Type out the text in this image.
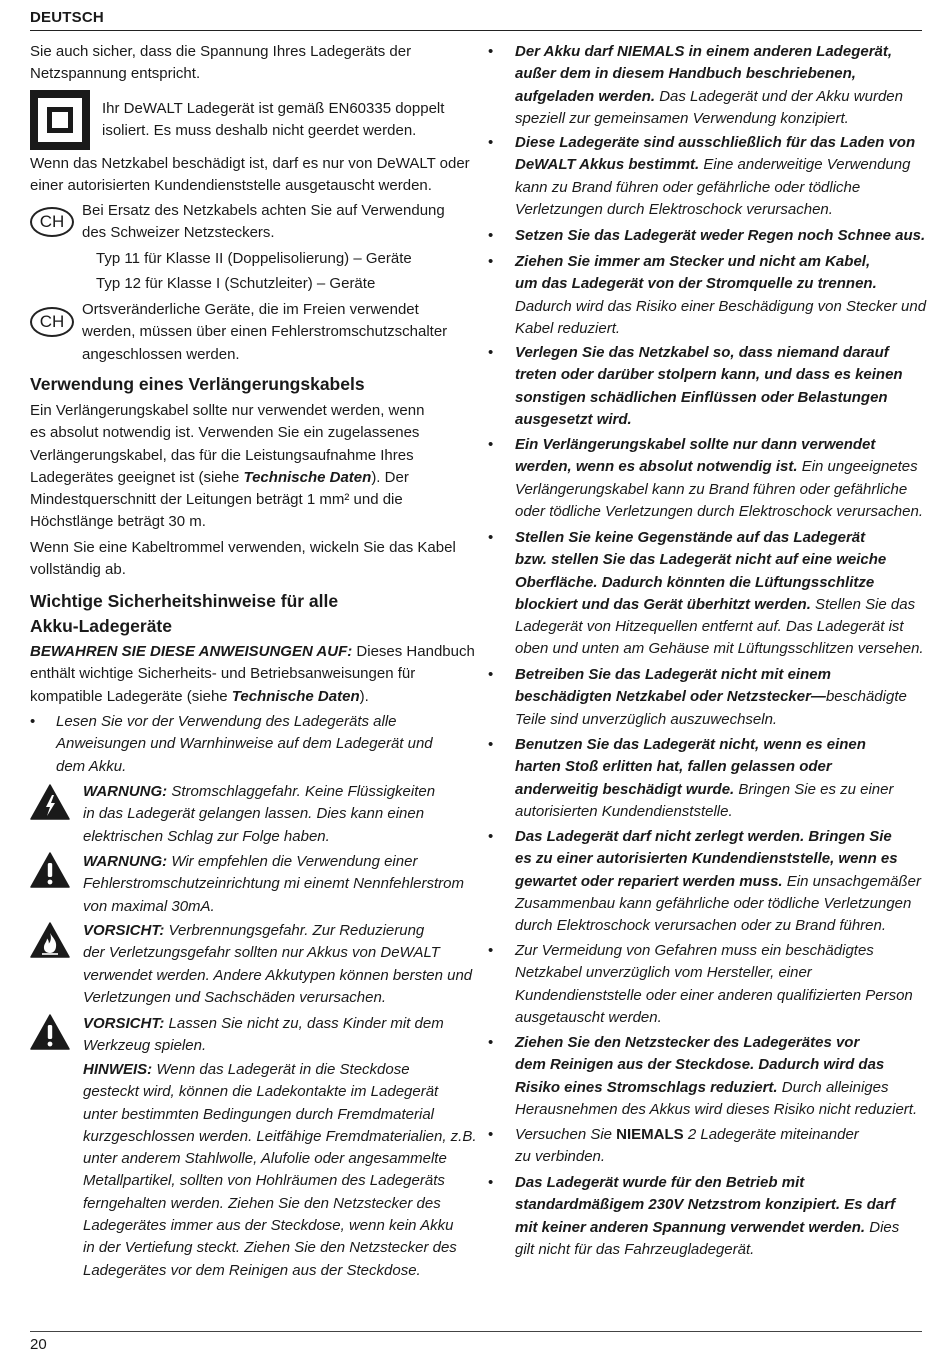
DEUTSCH
Sie auch sicher, dass die Spannung Ihres Ladegeräts der
Netzspannung entspricht.
Ihr DeWALT Ladegerät ist gemäß EN60335 doppelt
isoliert. Es muss deshalb nicht geerdet werden.
Wenn das Netzkabel beschädigt ist, darf es nur von DeWALT oder
einer autorisierten Kundendienststelle ausgetauscht werden.
CH
Bei Ersatz des Netzkabels achten Sie auf Verwendung
des Schweizer Netzsteckers.
Typ 11 für Klasse II (Doppelisolierung) – Geräte
Typ 12 für Klasse I (Schutzleiter) – Geräte
CH
Ortsveränderliche Geräte, die im Freien verwendet
werden, müssen über einen Fehlerstromschutzschalter
angeschlossen werden.
Verwendung eines Verlängerungskabels
Ein Verlängerungskabel sollte nur verwendet werden, wenn
es absolut notwendig ist. Verwenden Sie ein zugelassenes
Verlängerungskabel, das für die Leistungsaufnahme Ihres
Ladegerätes geeignet ist (siehe Technische Daten). Der
Mindestquerschnitt der Leitungen beträgt 1 mm² und die
Höchstlänge beträgt 30 m.
Wenn Sie eine Kabeltrommel verwenden, wickeln Sie das Kabel
vollständig ab.
Wichtige Sicherheitshinweise für alle
Akku-Ladegeräte
BEWAHREN SIE DIESE ANWEISUNGEN AUF: Dieses Handbuch
enthält wichtige Sicherheits- und Betriebsanweisungen für
kompatible Ladegeräte (siehe Technische Daten).
• Lesen Sie vor der Verwendung des Ladegeräts alle
Anweisungen und Warnhinweise auf dem Ladegerät und
dem Akku.
WARNUNG: Stromschlaggefahr. Keine Flüssigkeiten
in das Ladegerät gelangen lassen. Dies kann einen
elektrischen Schlag zur Folge haben.
WARNUNG: Wir empfehlen die Verwendung einer
Fehlerstromschutzeinrichtung mi einemt Nennfehlerstrom
von maximal 30mA.
VORSICHT: Verbrennungsgefahr. Zur Reduzierung
der Verletzungsgefahr sollten nur Akkus von DeWALT
verwendet werden. Andere Akkutypen können bersten und
Verletzungen und Sachschäden verursachen.
VORSICHT: Lassen Sie nicht zu, dass Kinder mit dem
Werkzeug spielen.
HINWEIS: Wenn das Ladegerät in die Steckdose
gesteckt wird, können die Ladekontakte im Ladegerät
unter bestimmten Bedingungen durch Fremdmaterial
kurzgeschlossen werden. Leitfähige Fremdmaterialien, z.B.
unter anderem Stahlwolle, Alufolie oder angesammelte
Metallpartikel, sollten von Hohlräumen des Ladegeräts
ferngehalten werden. Ziehen Sie den Netzstecker des
Ladegerätes immer aus der Steckdose, wenn kein Akku
in der Vertiefung steckt. Ziehen Sie den Netzstecker des
Ladegerätes vor dem Reinigen aus der Steckdose.
• Der Akku darf NIEMALS in einem anderen Ladegerät,
außer dem in diesem Handbuch beschriebenen,
aufgeladen werden. Das Ladegerät und der Akku wurden
speziell zur gemeinsamen Verwendung konzipiert.
• Diese Ladegeräte sind ausschließlich für das Laden von
DeWALT Akkus bestimmt. Eine anderweitige Verwendung
kann zu Brand führen oder gefährliche oder tödliche
Verletzungen durch Elektroschock verursachen.
• Setzen Sie das Ladegerät weder Regen noch Schnee aus.
• Ziehen Sie immer am Stecker und nicht am Kabel,
um das Ladegerät von der Stromquelle zu trennen.
Dadurch wird das Risiko einer Beschädigung von Stecker und
Kabel reduziert.
• Verlegen Sie das Netzkabel so, dass niemand darauf
treten oder darüber stolpern kann, und dass es keinen
sonstigen schädlichen Einflüssen oder Belastungen
ausgesetzt wird.
• Ein Verlängerungskabel sollte nur dann verwendet
werden, wenn es absolut notwendig ist. Ein ungeeignetes
Verlängerungskabel kann zu Brand führen oder gefährliche
oder tödliche Verletzungen durch Elektroschock verursachen.
• Stellen Sie keine Gegenstände auf das Ladegerät
bzw. stellen Sie das Ladegerät nicht auf eine weiche
Oberfläche. Dadurch könnten die Lüftungsschlitze
blockiert und das Gerät überhitzt werden. Stellen Sie das
Ladegerät von Hitzequellen entfernt auf. Das Ladegerät ist
oben und unten am Gehäuse mit Lüftungsschlitzen versehen.
• Betreiben Sie das Ladegerät nicht mit einem
beschädigten Netzkabel oder Netzstecker—beschädigte
Teile sind unverzüglich auszuwechseln.
• Benutzen Sie das Ladegerät nicht, wenn es einen
harten Stoß erlitten hat, fallen gelassen oder
anderweitig beschädigt wurde. Bringen Sie es zu einer
autorisierten Kundendienststelle.
• Das Ladegerät darf nicht zerlegt werden. Bringen Sie
es zu einer autorisierten Kundendienststelle, wenn es
gewartet oder repariert werden muss. Ein unsachgemäßer
Zusammenbau kann gefährliche oder tödliche Verletzungen
durch Elektroschock verursachen oder zu Brand führen.
• Zur Vermeidung von Gefahren muss ein beschädigtes
Netzkabel unverzüglich vom Hersteller, einer
Kundendienststelle oder einer anderen qualifizierten Person
ausgetauscht werden.
• Ziehen Sie den Netzstecker des Ladegerätes vor
dem Reinigen aus der Steckdose. Dadurch wird das
Risiko eines Stromschlags reduziert. Durch alleiniges
Herausnehmen des Akkus wird dieses Risiko nicht reduziert.
• Versuchen Sie NIEMALS 2 Ladegeräte miteinander
zu verbinden.
• Das Ladegerät wurde für den Betrieb mit
standardmäßigem 230V Netzstrom konzipiert. Es darf
mit keiner anderen Spannung verwendet werden. Dies
gilt nicht für das Fahrzeugladegerät.
20
